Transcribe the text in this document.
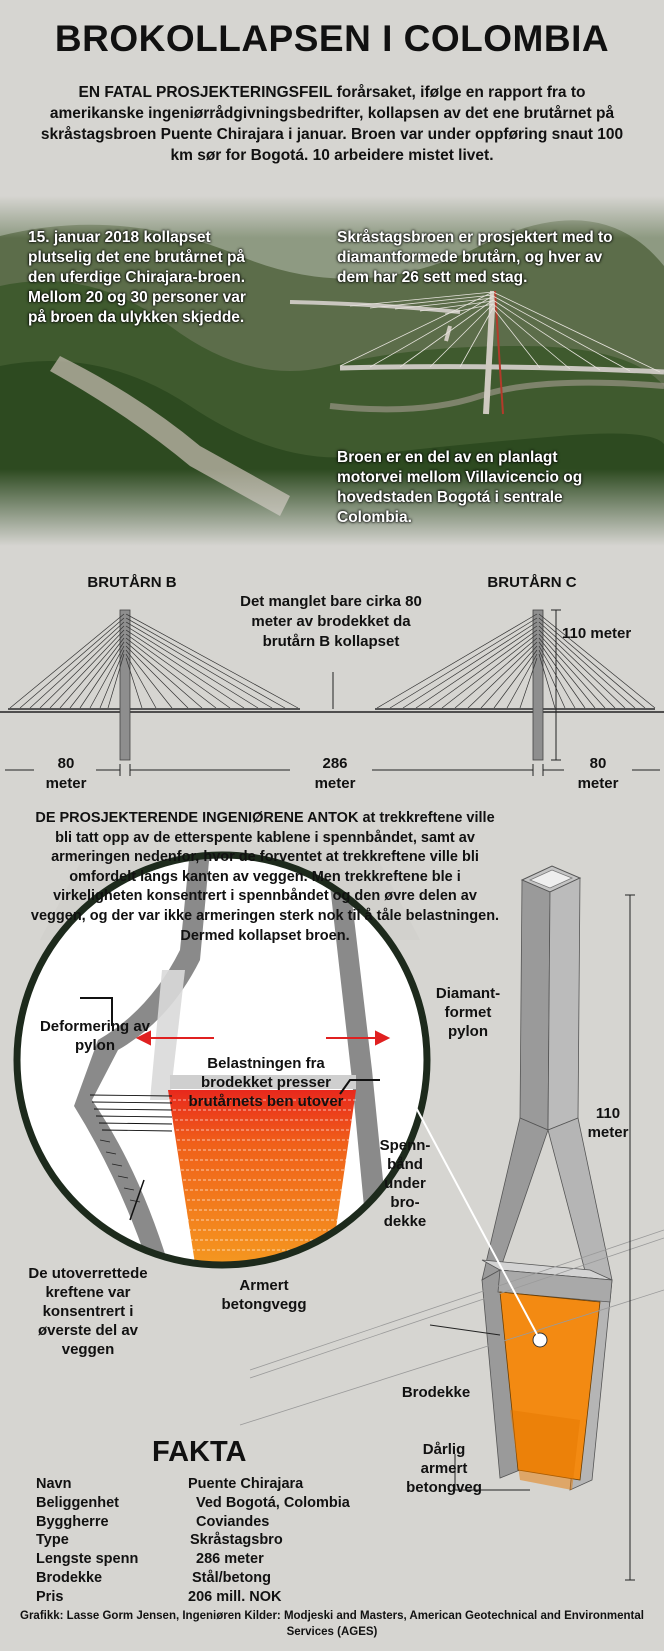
BROKOLLAPSEN I COLOMBIA
EN FATAL PROSJEKTERINGSFEIL forårsaket, ifølge en rapport fra to amerikanske ingeniørrådgivningsbedrifter, kollapsen av det ene brutårnet på skråstagsbroen Puente Chirajara i januar. Broen var under oppføring snaut 100 km sør for Bogotá. 10 arbeidere mistet livet.
15. januar 2018 kollapset plutselig det ene brutårnet på den uferdige Chirajara-broen. Mellom 20 og 30 personer var på broen da ulykken skjedde.
Skråstagsbroen er prosjektert med to diamantformede brutårn, og hver av dem har 26 sett med stag.
Broen er en del av en planlagt motorvei mellom Villavicencio og hovedstaden Bogotá i sentrale Colombia.
BRUTÅRN B	BRUTÅRN C
Det manglet bare cirka 80 meter av brodekket da brutårn B kollapset	110 meter
80
meter
286
meter
80
meter
DE PROSJEKTERENDE INGENIØRENE ANTOK at trekkreftene ville bli tatt opp av de etterspente kablene i spennbåndet, samt av armeringen nedenfor, hvor de forventet at trekkreftene ville bli omfordelt langs kanten av veggen. Men trekkreftene ble i virkeligheten konsentrert i spennbåndet og den øvre delen av veggen, og der var ikke armeringen sterk nok til å tåle belastningen. Dermed kollapset broen.
Deformering av pylon
Belastningen fra brodekket presser brutårnets ben utover
Spenn-bånd under bro-dekke
De utoverrettede kreftene var konsentrert i øverste del av veggen
Armert betongvegg
Diamant-formet pylon
110 meter
Brodekke
Dårlig armert betongveg
FAKTA
Navn	Puente Chirajara
Beliggenhet	Ved Bogotá, Colombia
Byggherre	Coviandes
Type	Skråstagsbro
Lengste spenn	286 meter
Brodekke	Stål/betong
Pris	206 mill. NOK
Grafikk: Lasse Gorm Jensen, Ingeniøren Kilder: Modjeski and Masters, American Geotechnical and Environmental Services (AGES)
